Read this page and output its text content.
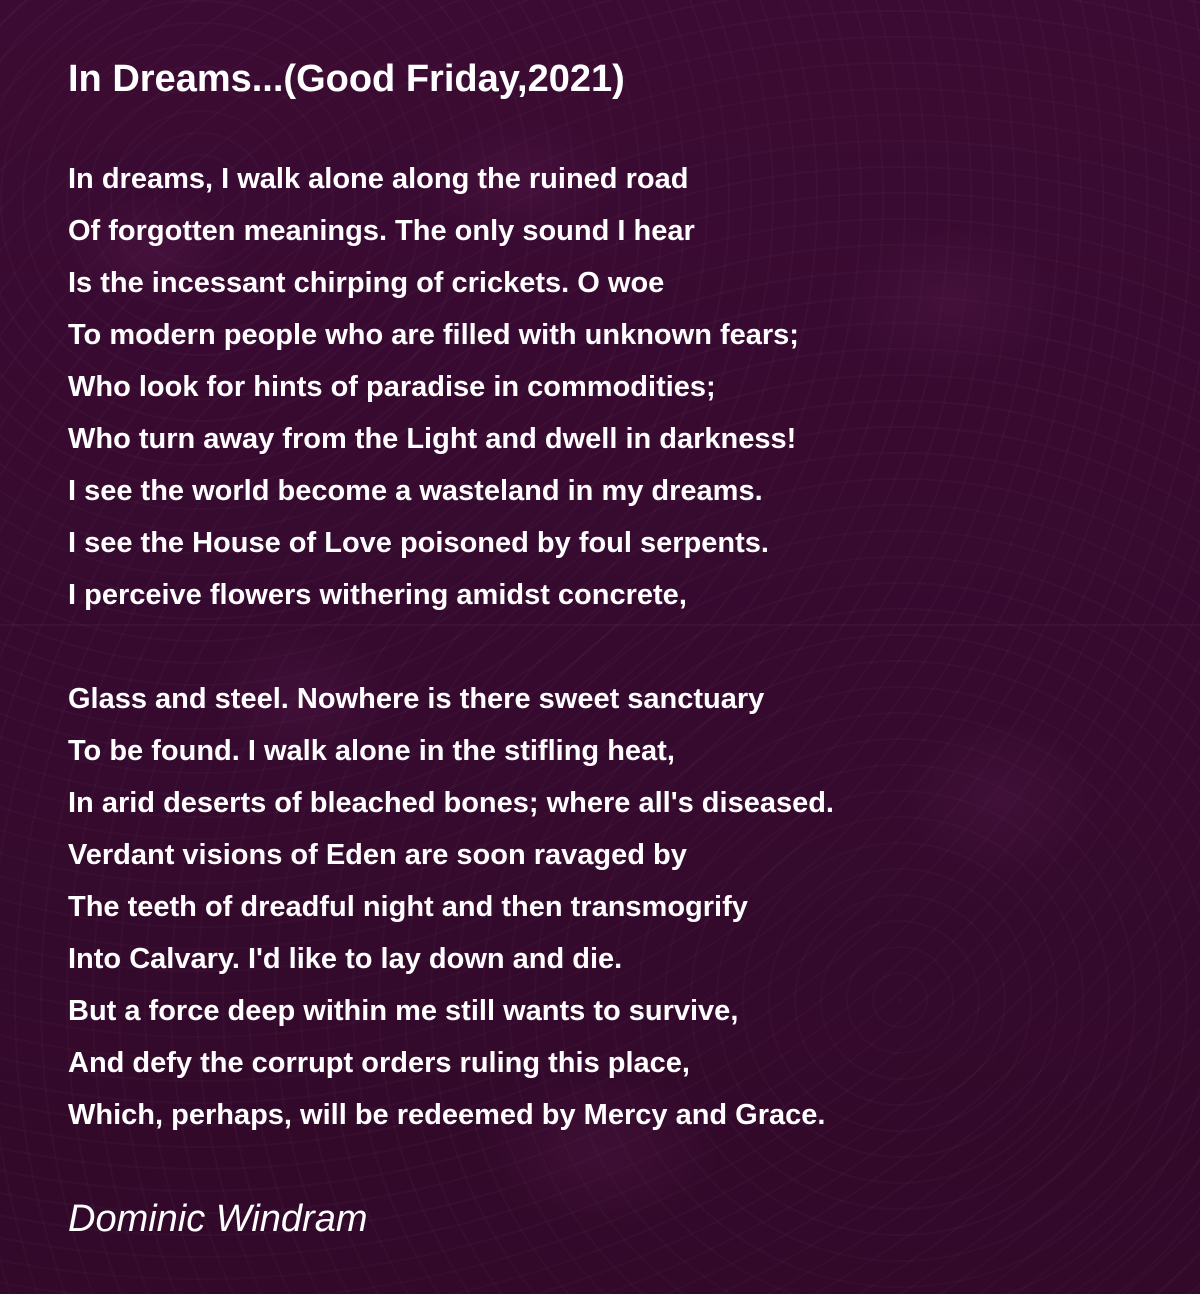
In Dreams...(Good Friday,2021)

In dreams, I walk alone along the ruined road
Of forgotten meanings. The only sound I hear
Is the incessant chirping of crickets. O woe
To modern people who are filled with unknown fears;
Who look for hints of paradise in commodities;
Who turn away from the Light and dwell in darkness!
I see the world become a wasteland in my dreams.
I see the House of Love poisoned by foul serpents.
I perceive flowers withering amidst concrete,

Glass and steel. Nowhere is there sweet sanctuary
To be found. I walk alone in the stifling heat,
In arid deserts of bleached bones; where all's diseased.
Verdant visions of Eden are soon ravaged by
The teeth of dreadful night and then transmogrify
Into Calvary. I'd like to lay down and die.
But a force deep within me still wants to survive,
And defy the corrupt orders ruling this place,
Which, perhaps, will be redeemed by Mercy and Grace.

Dominic Windram
